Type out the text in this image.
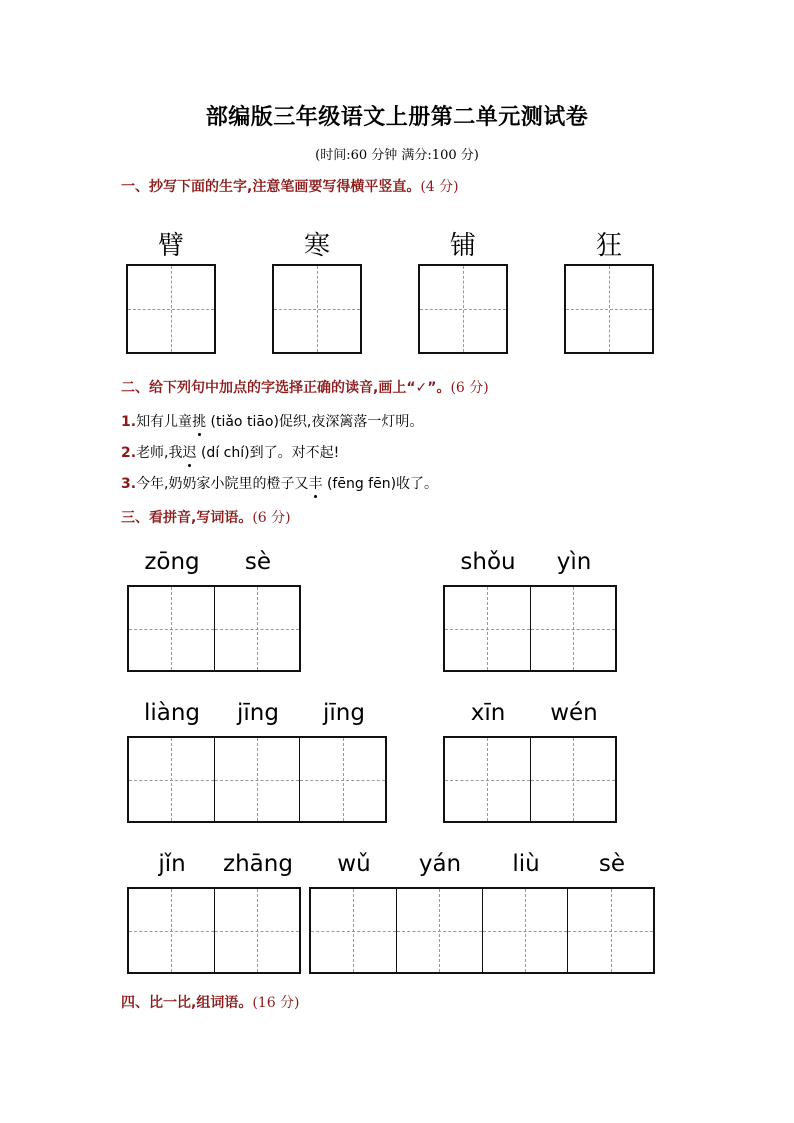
部编版三年级语文上册第二单元测试卷
(时间:60 分钟 满分:100 分)
一、抄写下面的生字,注意笔画要写得横平竖直。(4 分)
臂	寒	铺	狂
二、给下列句中加点的字选择正确的读音,画上“✓”。(6 分)
1.知有儿童挑
(tiǎo tiāo)促织,夜深篱落一灯明。
2.老师,我迟
(dí chí)到了。对不起!
3.今年,奶奶家小院里的橙子又丰
(fēng fēn)收了。
三、看拼音,写词语。(6 分)
zōng	sè	shǒu	yìn
liàng	jīng	jīng	xīn	wén
jǐn	zhāng	wǔ	yán	liù	sè
四、比一比,组词语。(16 分)
